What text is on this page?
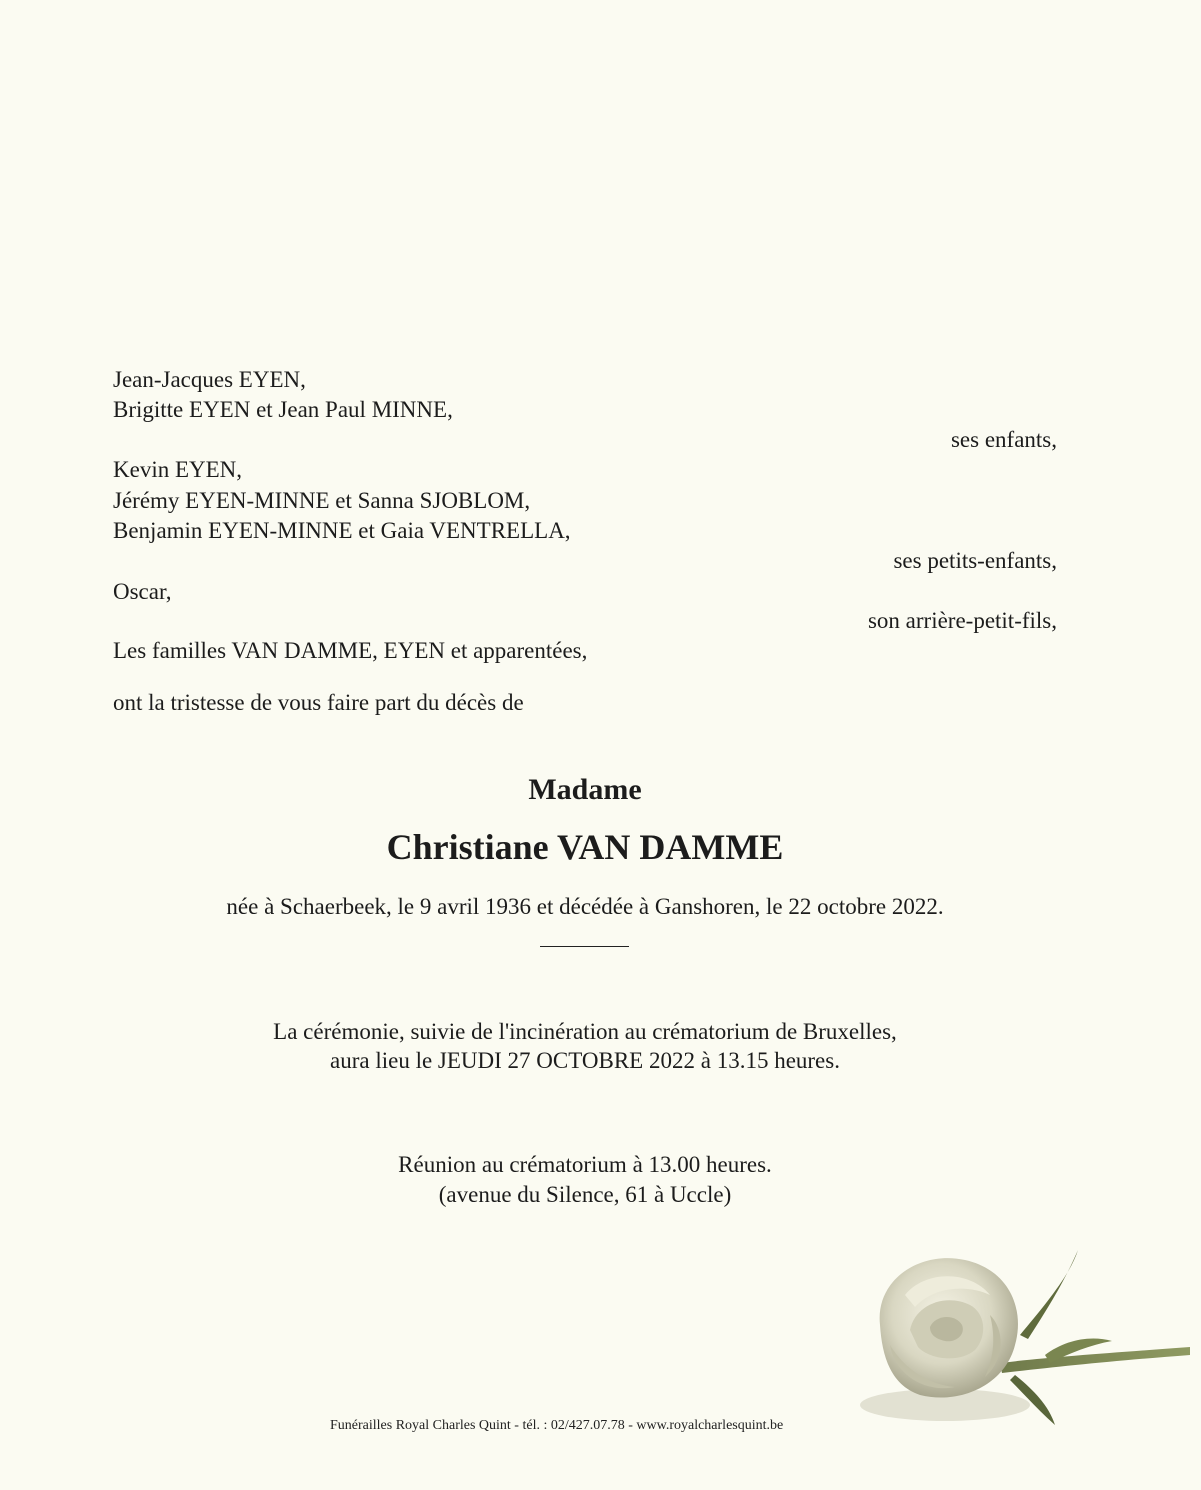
Jean-Jacques EYEN,
Brigitte EYEN et Jean Paul MINNE,
ses enfants,
Kevin EYEN,
Jérémy EYEN-MINNE et Sanna SJOBLOM,
Benjamin EYEN-MINNE et Gaia VENTRELLA,
ses petits-enfants,
Oscar,
son arrière-petit-fils,
Les familles VAN DAMME, EYEN et apparentées,
ont la tristesse de vous faire part du décès de
Madame
Christiane VAN DAMME
née à Schaerbeek, le 9 avril 1936 et décédée à Ganshoren, le 22 octobre 2022.
La cérémonie, suivie de l'incinération au crématorium de Bruxelles,
aura lieu le JEUDI 27 OCTOBRE 2022 à 13.15 heures.
Réunion au crématorium à 13.00 heures.
(avenue du Silence, 61 à Uccle)
Funérailles Royal Charles Quint - tél. : 02/427.07.78 - www.royalcharlesquint.be
